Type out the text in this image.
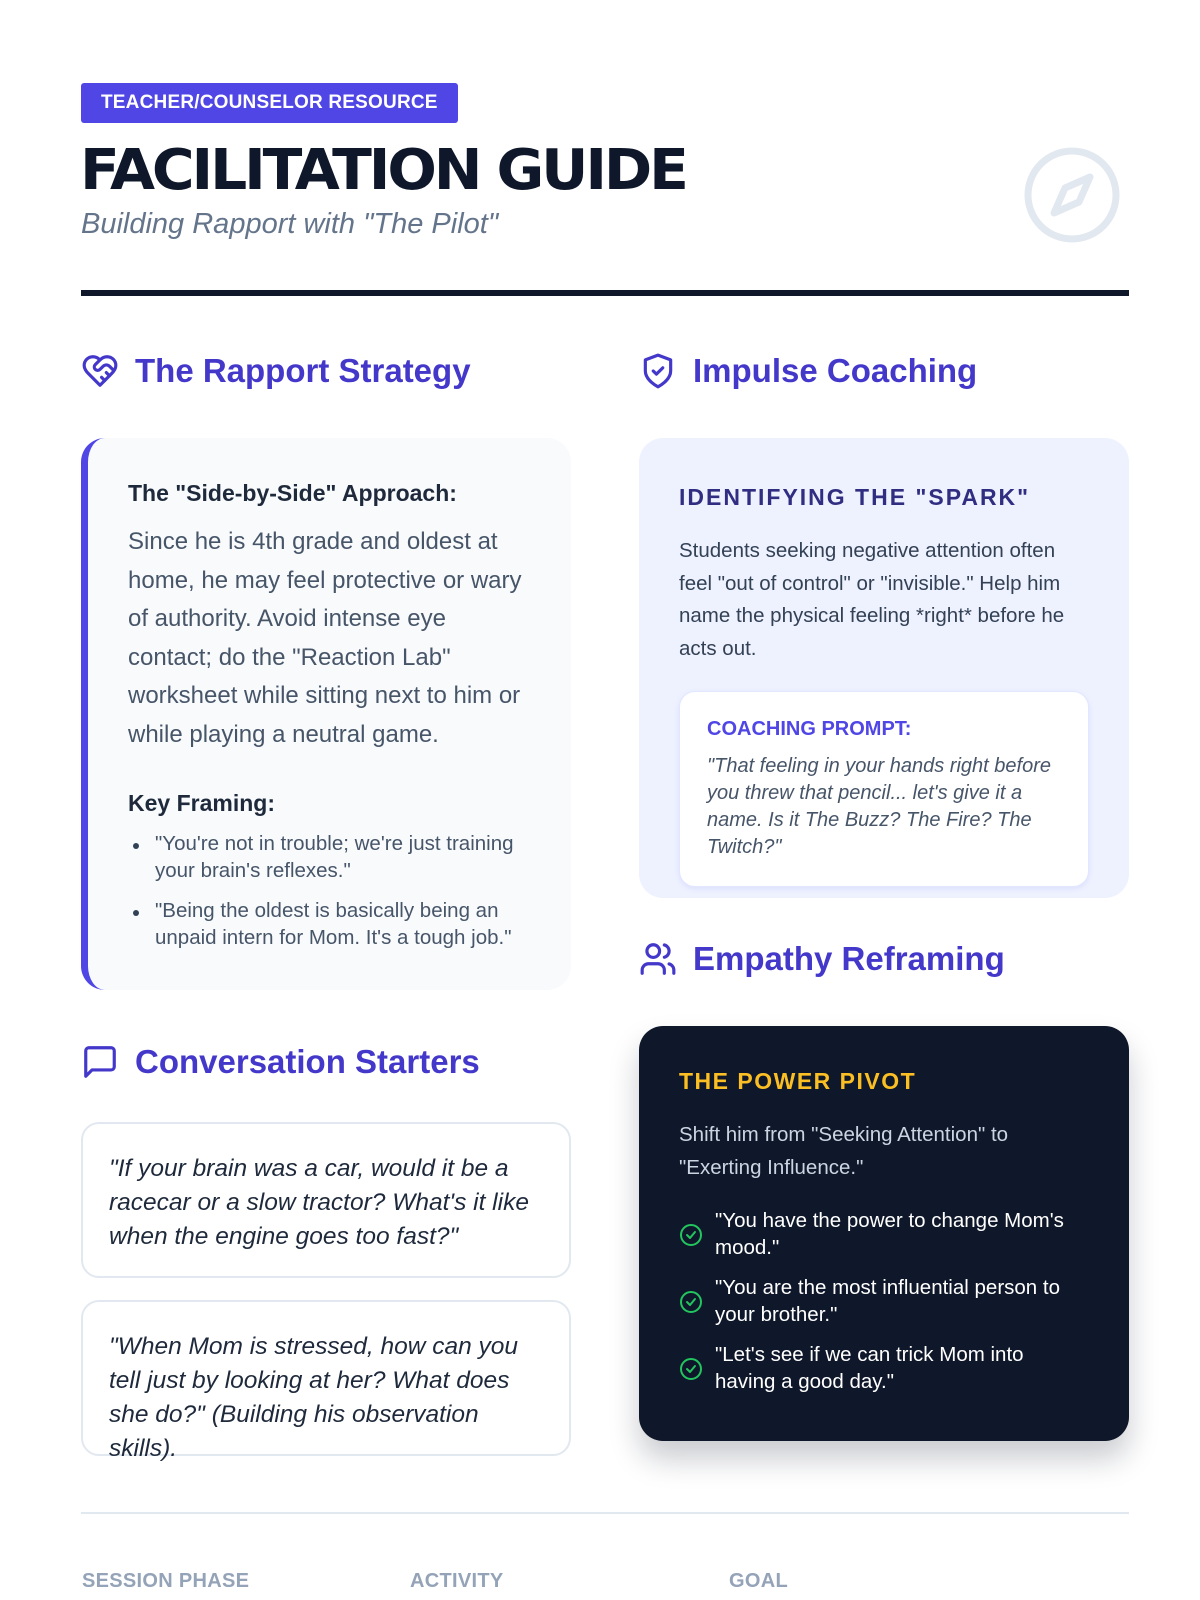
TEACHER/COUNSELOR RESOURCE
FACILITATION GUIDE
Building Rapport with "The Pilot"
The Rapport Strategy
The "Side-by-Side" Approach:

Since he is 4th grade and oldest at home, he may feel protective or wary of authority. Avoid intense eye contact; do the "Reaction Lab" worksheet while sitting next to him or while playing a neutral game.

Key Framing:
"You're not in trouble; we're just training your brain's reflexes."
"Being the oldest is basically being an unpaid intern for Mom. It's a tough job."
Conversation Starters

"If your brain was a car, would it be a racecar or a slow tractor? What's it like when the engine goes too fast?"

"When Mom is stressed, how can you tell just by looking at her? What does she do?" (Building his observation skills).

Impulse Coaching
IDENTIFYING THE "SPARK"

Students seeking negative attention often feel "out of control" or "invisible." Help him name the physical feeling *right* before he acts out.

COACHING PROMPT:

"That feeling in your hands right before you threw that pencil... let's give it a name. Is it The Buzz? The Fire? The Twitch?"

Empathy Reframing
THE POWER PIVOT

Shift him from "Seeking Attention" to "Exerting Influence."

"You have the power to change Mom's mood."
"You are the most influential person to your brother."
"Let's see if we can trick Mom into having a good day."
SESSION PHASE	ACTIVITY	GOAL
